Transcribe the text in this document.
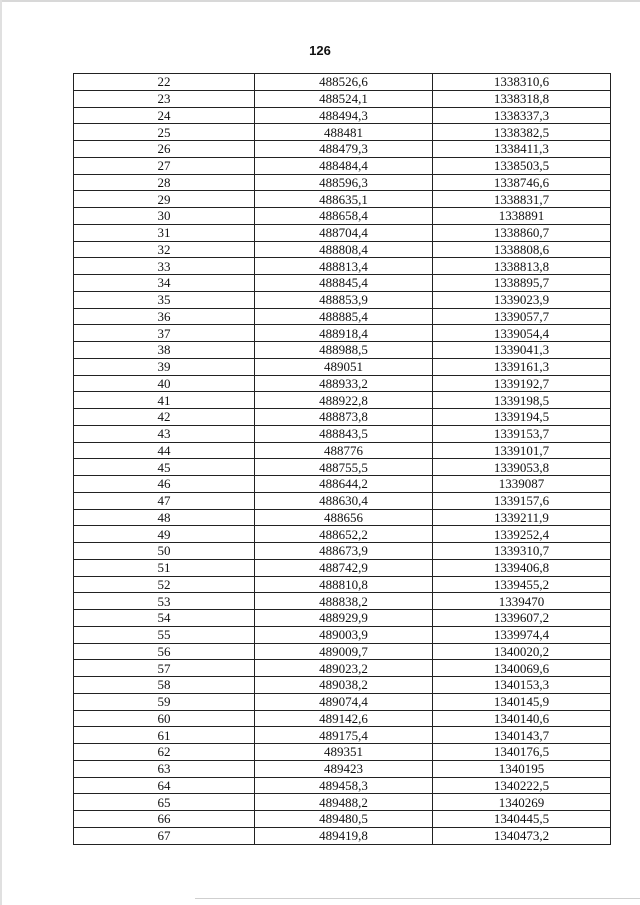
126
22	488526,6	1338310,6
23	488524,1	1338318,8
24	488494,3	1338337,3
25	488481	1338382,5
26	488479,3	1338411,3
27	488484,4	1338503,5
28	488596,3	1338746,6
29	488635,1	1338831,7
30	488658,4	1338891
31	488704,4	1338860,7
32	488808,4	1338808,6
33	488813,4	1338813,8
34	488845,4	1338895,7
35	488853,9	1339023,9
36	488885,4	1339057,7
37	488918,4	1339054,4
38	488988,5	1339041,3
39	489051	1339161,3
40	488933,2	1339192,7
41	488922,8	1339198,5
42	488873,8	1339194,5
43	488843,5	1339153,7
44	488776	1339101,7
45	488755,5	1339053,8
46	488644,2	1339087
47	488630,4	1339157,6
48	488656	1339211,9
49	488652,2	1339252,4
50	488673,9	1339310,7
51	488742,9	1339406,8
52	488810,8	1339455,2
53	488838,2	1339470
54	488929,9	1339607,2
55	489003,9	1339974,4
56	489009,7	1340020,2
57	489023,2	1340069,6
58	489038,2	1340153,3
59	489074,4	1340145,9
60	489142,6	1340140,6
61	489175,4	1340143,7
62	489351	1340176,5
63	489423	1340195
64	489458,3	1340222,5
65	489488,2	1340269
66	489480,5	1340445,5
67	489419,8	1340473,2
